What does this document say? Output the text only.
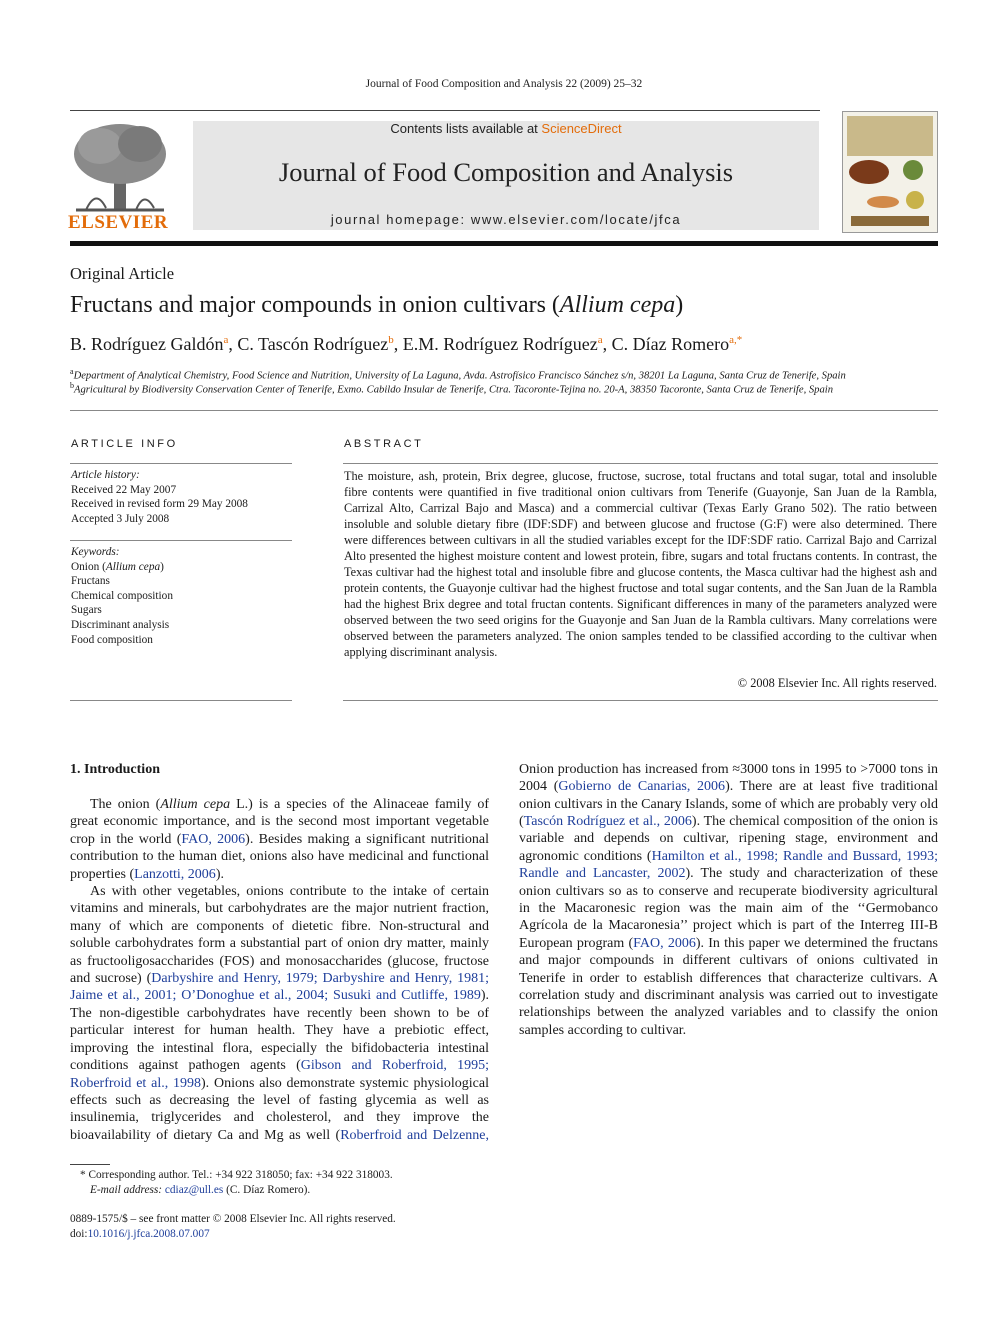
Journal of Food Composition and Analysis 22 (2009) 25–32
ELSEVIER
Contents lists available at ScienceDirect
Journal of Food Composition and Analysis
journal homepage: www.elsevier.com/locate/jfca
Original Article
Fructans and major compounds in onion cultivars (Allium cepa)
B. Rodríguez Galdón$^a$, C. Tascón Rodríguez$^b$, E.M. Rodríguez Rodríguez$^a$, C. Díaz Romero$^{a,*}$
$^a$Department of Analytical Chemistry, Food Science and Nutrition, University of La Laguna, Avda. Astrofísico Francisco Sánchez s/n, 38201 La Laguna, Santa Cruz de Tenerife, Spain
$^b$Agricultural by Biodiversity Conservation Center of Tenerife, Exmo. Cabildo Insular de Tenerife, Ctra. Tacoronte-Tejina no. 20-A, 38350 Tacoronte, Santa Cruz de Tenerife, Spain
ARTICLE INFO
Article history:
Received 22 May 2007
Received in revised form 29 May 2008
Accepted 3 July 2008
Keywords:
Onion (Allium cepa)
Fructans
Chemical composition
Sugars
Discriminant analysis
Food composition
ABSTRACT
The moisture, ash, protein, Brix degree, glucose, fructose, sucrose, total fructans and total sugar, total and insoluble fibre contents were quantified in five traditional onion cultivars from Tenerife (Guayonje, San Juan de la Rambla, Carrizal Alto, Carrizal Bajo and Masca) and a commercial cultivar (Texas Early Grano 502). The ratio between insoluble and soluble dietary fibre (IDF:SDF) and between glucose and fructose (G:F) were also determined. There were differences between cultivars in all the studied variables except for the IDF:SDF ratio. Carrizal Bajo and Carrizal Alto presented the highest moisture content and lowest protein, fibre, sugars and total fructans contents. In contrast, the Texas cultivar had the highest total and insoluble fibre and glucose contents, the Masca cultivar had the highest ash and protein contents, the Guayonje cultivar had the highest fructose and total sugar contents, and the San Juan de la Rambla had the highest Brix degree and total fructan contents. Significant differences in many of the parameters analyzed were observed between the two seed origins for the Guayonje and San Juan de la Rambla cultivars. Many correlations were observed between the parameters analyzed. The onion samples tended to be classified according to the cultivar when applying discriminant analysis.
© 2008 Elsevier Inc. All rights reserved.
1. Introduction

The onion (Allium cepa L.) is a species of the Alinaceae family of great economic importance, and is the second most important vegetable crop in the world (FAO, 2006). Besides making a significant nutritional contribution to the human diet, onions also have medicinal and functional properties (Lanzotti, 2006).

As with other vegetables, onions contribute to the intake of certain vitamins and minerals, but carbohydrates are the major nutrient fraction, many of which are components of dietetic fibre. Non-structural and soluble carbohydrates form a substantial part of onion dry matter, mainly as fructooligosaccharides (FOS) and monosaccharides (glucose, fructose and sucrose) (Darbyshire and Henry, 1979; Darbyshire and Henry, 1981; Jaime et al., 2001; O’Donoghue et al., 2004; Susuki and Cutliffe, 1989). The non-digestible carbohydrates have recently been shown to be of particular interest for human health. They have a prebiotic effect, improving the intestinal flora, especially the bifidobacteria intestinal conditions against pathogen agents (Gibson and Roberfroid, 1995; Roberfroid et al., 1998). Onions also demonstrate systemic physiological effects such as decreasing the level of fasting glycemia as well as insulinemia, triglycerides and cholesterol, and they improve the bioavailability of dietary Ca and Mg as well (Roberfroid and Delzenne,

Onion production has increased from ≈3000 tons in 1995 to >7000 tons in 2004 (Gobierno de Canarias, 2006). There are at least five traditional onion cultivars in the Canary Islands, some of which are probably very old (Tascón Rodríguez et al., 2006). The chemical composition of the onion is variable and depends on cultivar, ripening stage, environment and agronomic conditions (Hamilton et al., 1998; Randle and Bussard, 1993; Randle and Lancaster, 2002). The study and characterization of these onion cultivars so as to conserve and recuperate biodiversity agricultural in the Macaronesic region was the main aim of the ‘‘Germobanco Agrícola de la Macaronesia’’ project which is part of the Interreg III-B European program (FAO, 2006). In this paper we determined the fructans and major compounds in different cultivars of onions cultivated in Tenerife in order to establish differences that characterize cultivars. A correlation study and discriminant analysis was carried out to investigate relationships between the analyzed variables and to classify the onion samples according to cultivar.

* Corresponding author. Tel.: +34 922 318050; fax: +34 922 318003.
E-mail address: cdiaz@ull.es (C. Díaz Romero).
0889-1575/$ – see front matter © 2008 Elsevier Inc. All rights reserved.
doi:10.1016/j.jfca.2008.07.007
